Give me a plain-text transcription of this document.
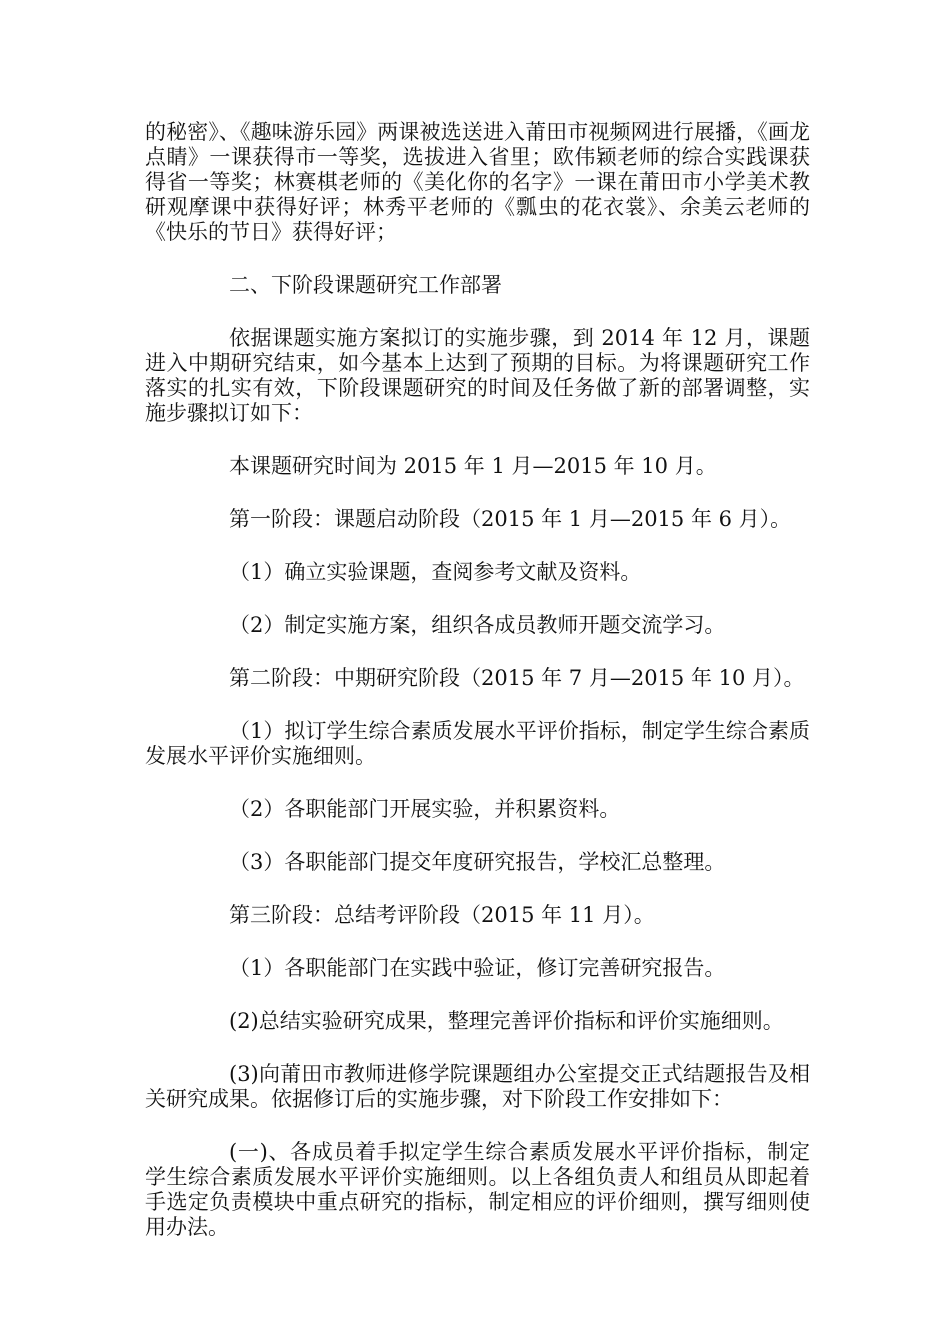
的秘密》、《趣味游乐园》两课被选送进入莆田市视频网进行展播，《画龙点睛》一课获得市一等奖，选拔进入省里；欧伟颖老师的综合实践课获得省一等奖；林赛棋老师的《美化你的名字》一课在莆田市小学美术教研观摩课中获得好评；林秀平老师的《瓢虫的花衣裳》、余美云老师的《快乐的节日》获得好评；

二、下阶段课题研究工作部署

依据课题实施方案拟订的实施步骤，到 2014 年 12 月，课题进入中期研究结束，如今基本上达到了预期的目标。为将课题研究工作落实的扎实有效，下阶段课题研究的时间及任务做了新的部署调整，实施步骤拟订如下：

本课题研究时间为 2015 年 1 月—2015 年 10 月。

第一阶段：课题启动阶段（2015 年 1 月—2015 年 6 月）。

（1）确立实验课题，查阅参考文献及资料。

（2）制定实施方案，组织各成员教师开题交流学习。

第二阶段：中期研究阶段（2015 年 7 月—2015 年 10 月）。

（1）拟订学生综合素质发展水平评价指标，制定学生综合素质发展水平评价实施细则。

（2）各职能部门开展实验，并积累资料。

（3）各职能部门提交年度研究报告，学校汇总整理。

第三阶段：总结考评阶段（2015 年 11 月）。

（1）各职能部门在实践中验证，修订完善研究报告。

(2)总结实验研究成果，整理完善评价指标和评价实施细则。

(3)向莆田市教师进修学院课题组办公室提交正式结题报告及相关研究成果。依据修订后的实施步骤，对下阶段工作安排如下：

(一)、各成员着手拟定学生综合素质发展水平评价指标，制定学生综合素质发展水平评价实施细则。以上各组负责人和组员从即起着手选定负责模块中重点研究的指标，制定相应的评价细则，撰写细则使用办法。
